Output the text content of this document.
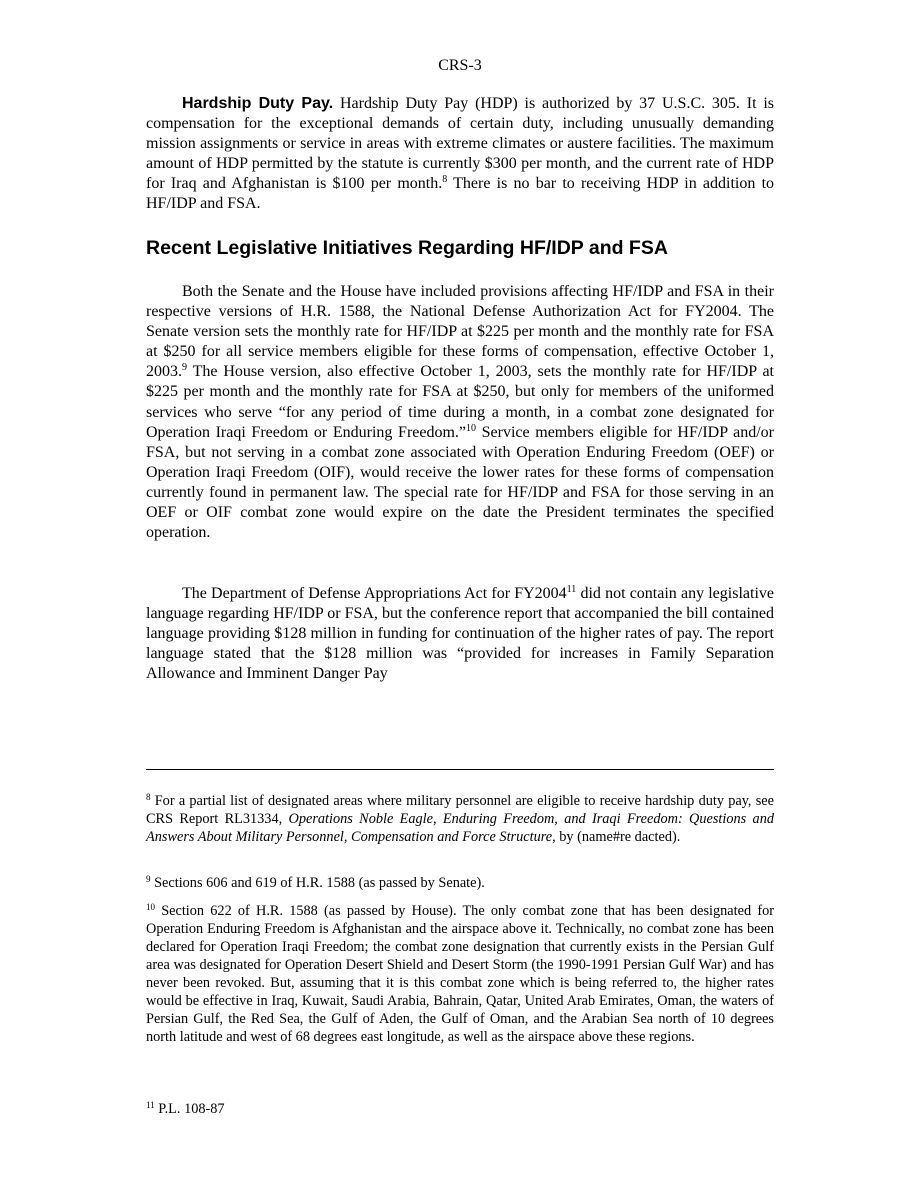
CRS-3

Hardship Duty Pay. Hardship Duty Pay (HDP) is authorized by 37 U.S.C. 305. It is compensation for the exceptional demands of certain duty, including unusually demanding mission assignments or service in areas with extreme climates or austere facilities. The maximum amount of HDP permitted by the statute is currently $300 per month, and the current rate of HDP for Iraq and Afghanistan is $100 per month.$^8$ There is no bar to receiving HDP in addition to HF/IDP and FSA.

Recent Legislative Initiatives Regarding HF/IDP and FSA

Both the Senate and the House have included provisions affecting HF/IDP and FSA in their respective versions of H.R. 1588, the National Defense Authorization Act for FY2004. The Senate version sets the monthly rate for HF/IDP at $225 per month and the monthly rate for FSA at $250 for all service members eligible for these forms of compensation, effective October 1, 2003.$^9$ The House version, also effective October 1, 2003, sets the monthly rate for HF/IDP at $225 per month and the monthly rate for FSA at $250, but only for members of the uniformed services who serve “for any period of time during a month, in a combat zone designated for Operation Iraqi Freedom or Enduring Freedom.”$^{10}$ Service members eligible for HF/IDP and/or FSA, but not serving in a combat zone associated with Operation Enduring Freedom (OEF) or Operation Iraqi Freedom (OIF), would receive the lower rates for these forms of compensation currently found in permanent law. The special rate for HF/IDP and FSA for those serving in an OEF or OIF combat zone would expire on the date the President terminates the specified operation.

The Department of Defense Appropriations Act for FY2004$^{11}$ did not contain any legislative language regarding HF/IDP or FSA, but the conference report that accompanied the bill contained language providing $128 million in funding for continuation of the higher rates of pay. The report language stated that the $128 million was “provided for increases in Family Separation Allowance and Imminent Danger Pay

$^8$ For a partial list of designated areas where military personnel are eligible to receive hardship duty pay, see CRS Report RL31334, Operations Noble Eagle, Enduring Freedom, and Iraqi Freedom: Questions and Answers About Military Personnel, Compensation and Force Structure, by (name#re dacted).

$^9$ Sections 606 and 619 of H.R. 1588 (as passed by Senate).

$^{10}$ Section 622 of H.R. 1588 (as passed by House). The only combat zone that has been designated for Operation Enduring Freedom is Afghanistan and the airspace above it. Technically, no combat zone has been declared for Operation Iraqi Freedom; the combat zone designation that currently exists in the Persian Gulf area was designated for Operation Desert Shield and Desert Storm (the 1990-1991 Persian Gulf War) and has never been revoked. But, assuming that it is this combat zone which is being referred to, the higher rates would be effective in Iraq, Kuwait, Saudi Arabia, Bahrain, Qatar, United Arab Emirates, Oman, the waters of Persian Gulf, the Red Sea, the Gulf of Aden, the Gulf of Oman, and the Arabian Sea north of 10 degrees north latitude and west of 68 degrees east longitude, as well as the airspace above these regions.

$^{11}$ P.L. 108-87
